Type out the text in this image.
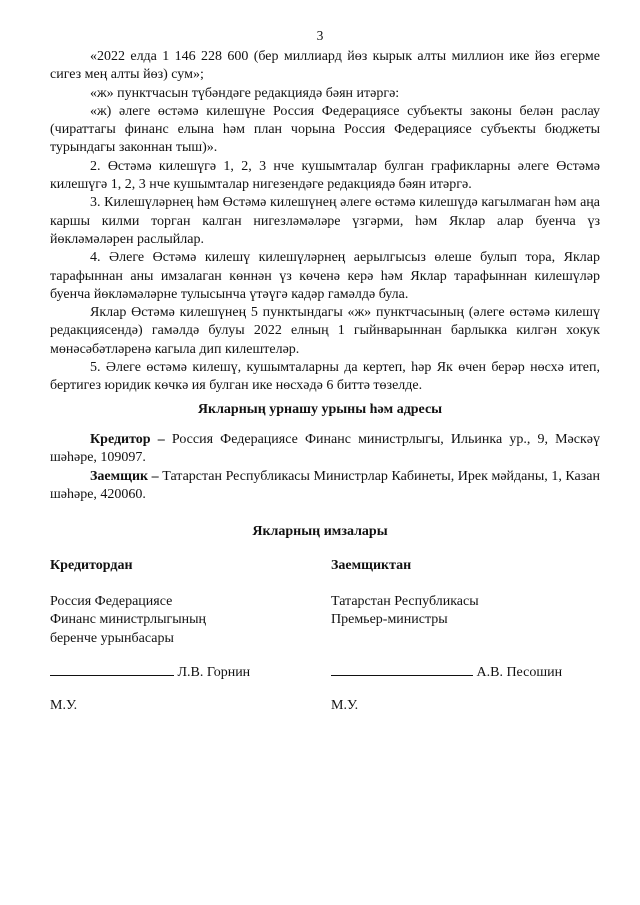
3

«2022 елда 1 146 228 600 (бер миллиард йөз кырык алты миллион ике йөз егерме сигез мең алты йөз) сум»;

«ж» пунктчасын түбәндәге редакциядә бәян итәргә:

«ж) әлеге өстәмә килешүне Россия Федерациясе субъекты законы белән раслау (чираттагы финанс елына һәм план чорына Россия Федерациясе субъекты бюджеты турындагы законнан тыш)».

2. Өстәмә килешүгә 1, 2, 3 нче кушымталар булган графикларны әлеге Өстәмә килешүгә 1, 2, 3 нче кушымталар нигезендәге редакциядә бәян итәргә.

3. Килешүләрнең һәм Өстәмә килешүнең әлеге өстәмә килешүдә кагылмаган һәм аңа каршы килми торган калган нигезләмәләре үзгәрми, һәм Яклар алар буенча үз йөкләмәләрен раслыйлар.

4. Әлеге Өстәмә килешү килешүләрнең аерылгысыз өлеше булып тора, Яклар тарафыннан аны имзалаган көннән үз көченә керә һәм Яклар тарафыннан килешүләр буенча йөкләмәләрне тулысынча үтәүгә кадәр гамәлдә була.

Яклар Өстәмә килешүнең 5 пунктындагы «ж» пунктчасының (әлеге өстәмә килешү редакциясендә) гамәлдә булуы 2022 елның 1 гыйнварыннан барлыкка килгән хокук мөнәсәбәтләренә кагыла дип килештеләр.

5. Әлеге өстәмә килешү, кушымталарны да кертеп, һәр Як өчен берәр нөсхә итеп, бертигез юридик көчкә ия булган ике нөсхәдә 6 биттә төзелде.

Якларның урнашу урыны һәм адресы

Кредитор – Россия Федерациясе Финанс министрлыгы, Ильинка ур., 9, Мәскәү шәһәре, 109097.

Заемщик – Татарстан Республикасы Министрлар Кабинеты, Ирек мәйданы, 1, Казан шәһәре, 420060.

Якларның имзалары
Кредитордан
Россия Федерациясе
Финанс министрлыгының
беренче урынбасары
Л.В. Горнин
М.У.
Заемщиктан
Татарстан Республикасы
Премьер-министры
А.В. Песошин
М.У.
